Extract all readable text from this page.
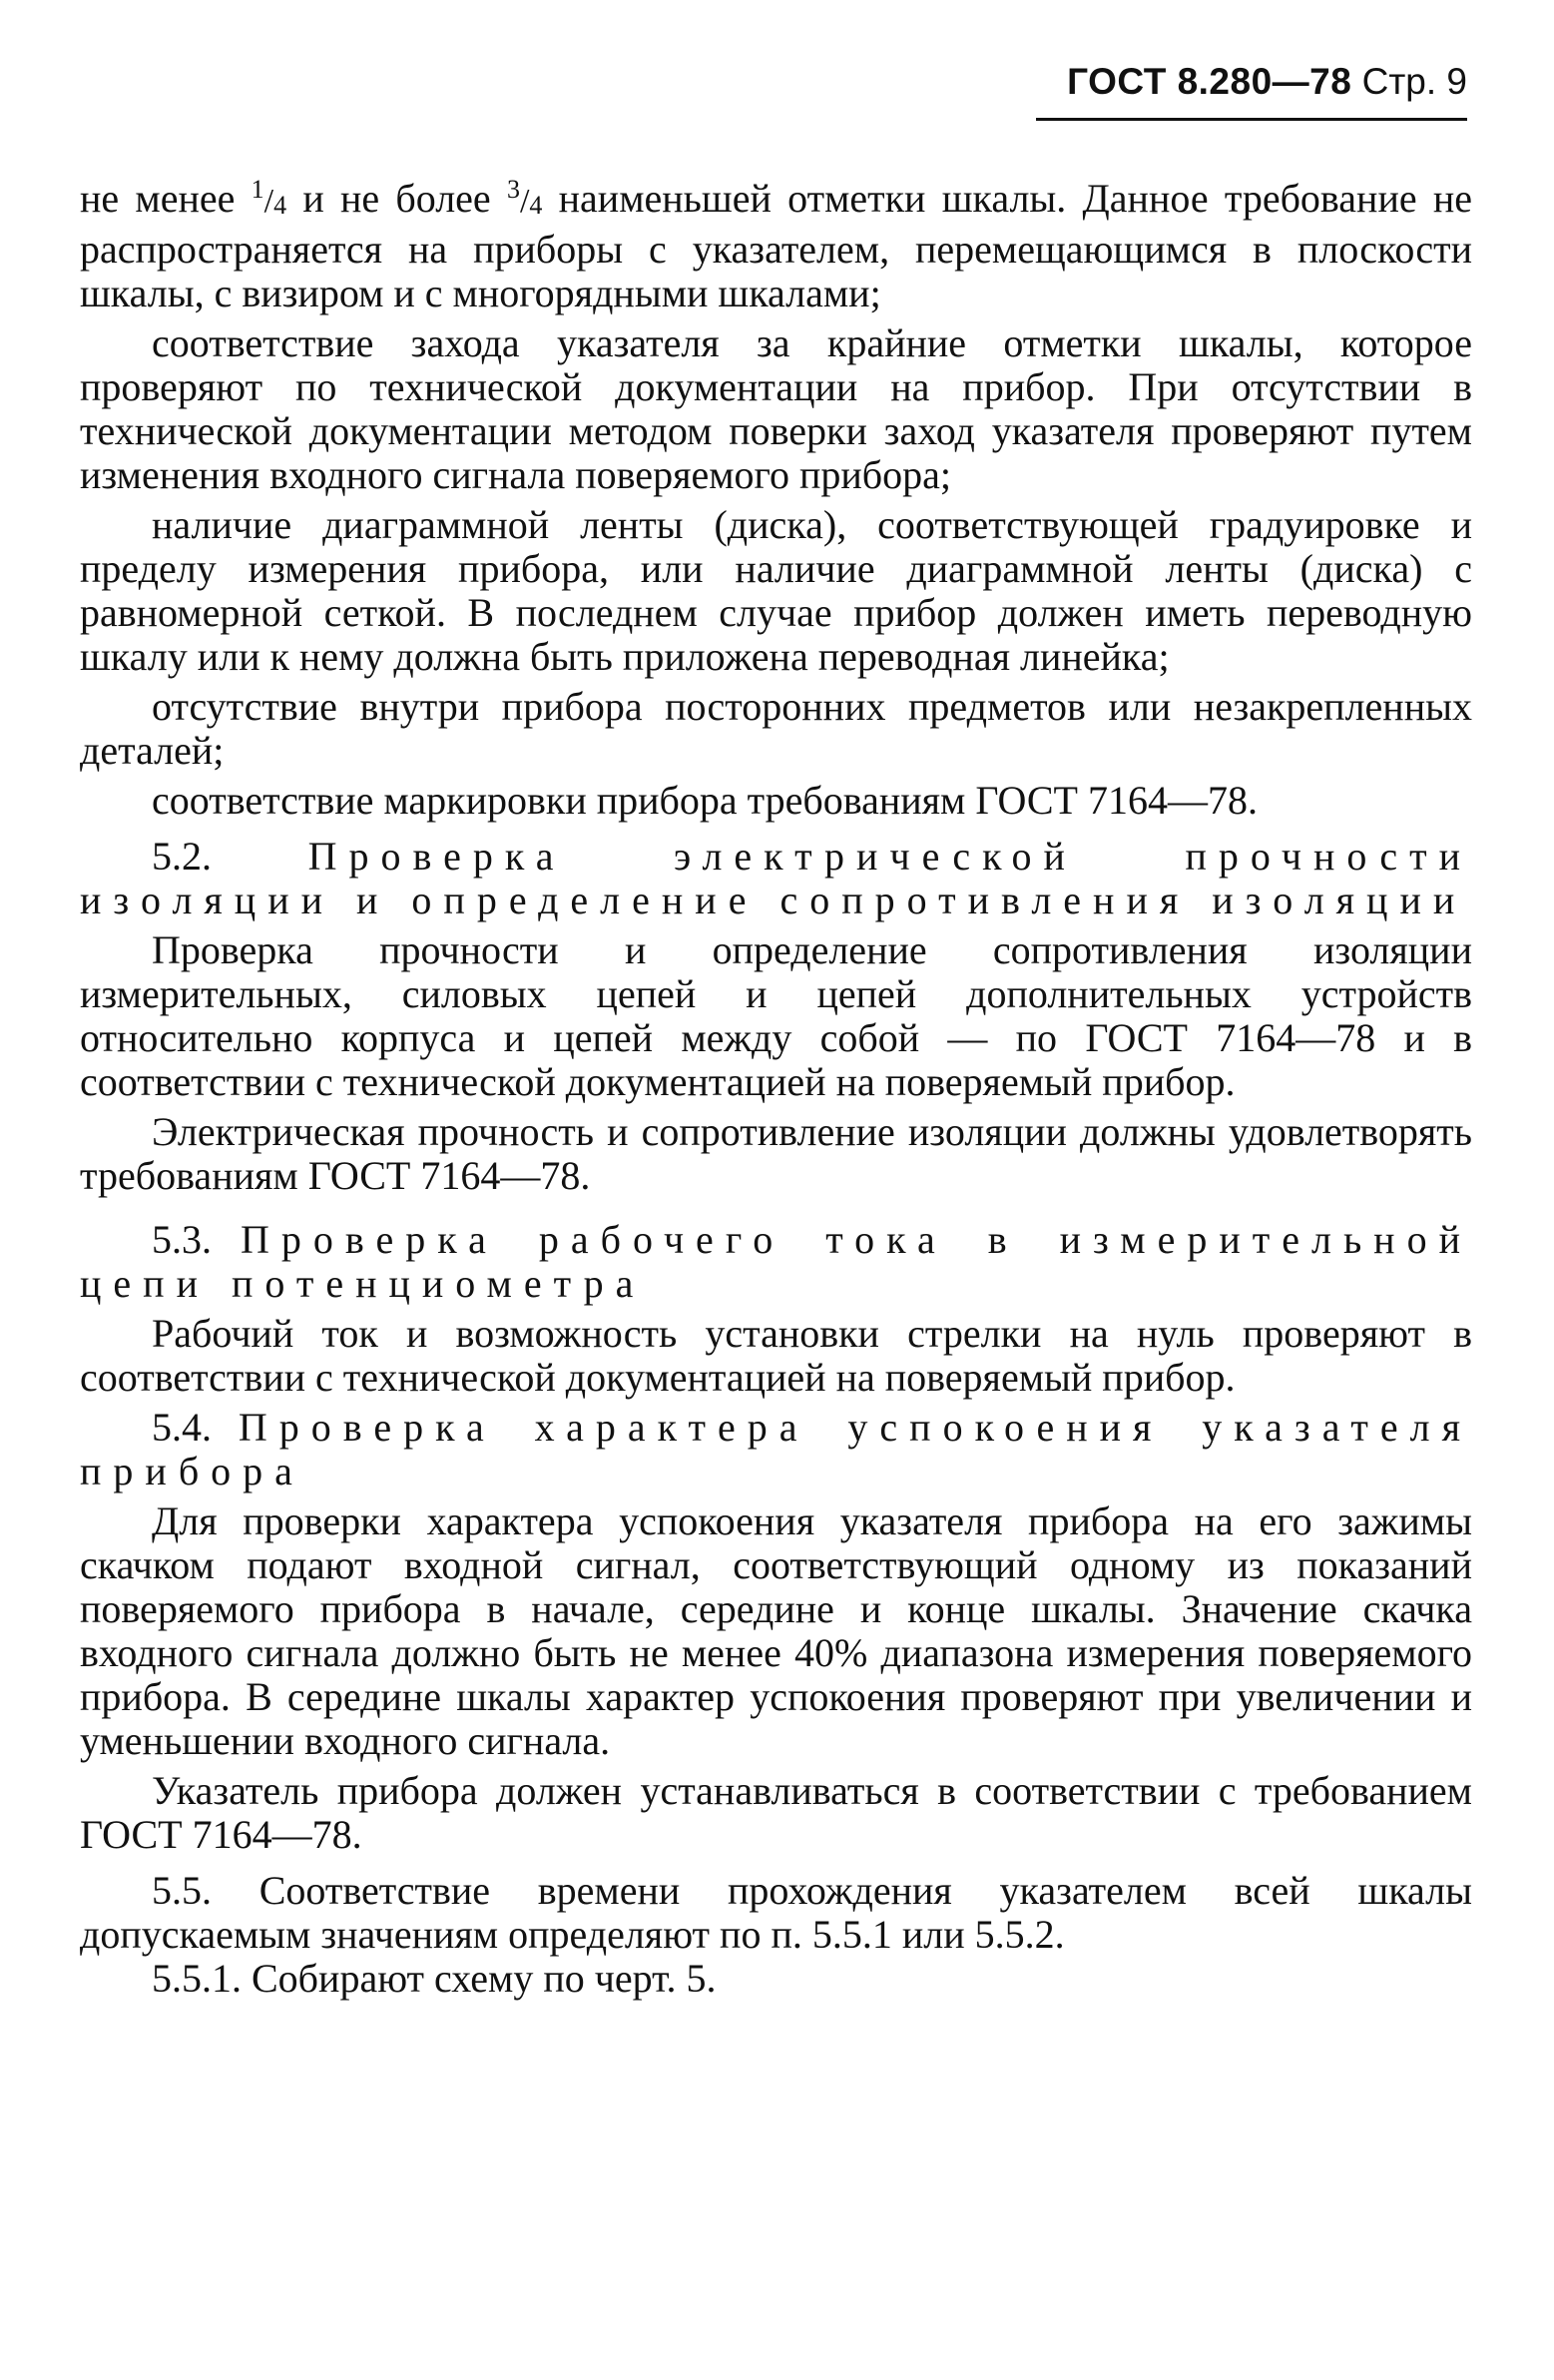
ГОСТ 8.280—78 Стр. 9

не менее $^1$/4 и не более $^3$/4 наименьшей отметки шкалы. Данное требование не распространяется на приборы с указателем, перемещающимся в плоскости шкалы, с визиром и с многорядными шкалами;

соответствие захода указателя за крайние отметки шкалы, которое проверяют по технической документации на прибор. При отсутствии в технической документации методом поверки заход указателя проверяют путем изменения входного сигнала поверяемого прибора;

наличие диаграммной ленты (диска), соответствующей градуировке и пределу измерения прибора, или наличие диаграммной ленты (диска) с равномерной сеткой. В последнем случае прибор должен иметь переводную шкалу или к нему должна быть приложена переводная линейка;

отсутствие внутри прибора посторонних предметов или незакрепленных деталей;

соответствие маркировки прибора требованиям ГОСТ 7164—78.

5.2. Проверка электрической прочности изоляции и определение сопротивления изоляции

Проверка прочности и определение сопротивления изоляции измерительных, силовых цепей и цепей дополнительных устройств относительно корпуса и цепей между собой — по ГОСТ 7164—78 и в соответствии с технической документацией на поверяемый прибор.

Электрическая прочность и сопротивление изоляции должны удовлетворять требованиям ГОСТ 7164—78.

5.3. Проверка рабочего тока в измерительной цепи потенциометра

Рабочий ток и возможность установки стрелки на нуль проверяют в соответствии с технической документацией на поверяемый прибор.

5.4. Проверка характера успокоения указателя прибора

Для проверки характера успокоения указателя прибора на его зажимы скачком подают входной сигнал, соответствующий одному из показаний поверяемого прибора в начале, середине и конце шкалы. Значение скачка входного сигнала должно быть не менее 40% диапазона измерения поверяемого прибора. В середине шкалы характер успокоения проверяют при увеличении и уменьшении входного сигнала.

Указатель прибора должен устанавливаться в соответствии с требованием ГОСТ 7164—78.

5.5. Соответствие времени прохождения указателем всей шкалы допускаемым значениям определяют по п. 5.5.1 или 5.5.2.

5.5.1. Собирают схему по черт. 5.
